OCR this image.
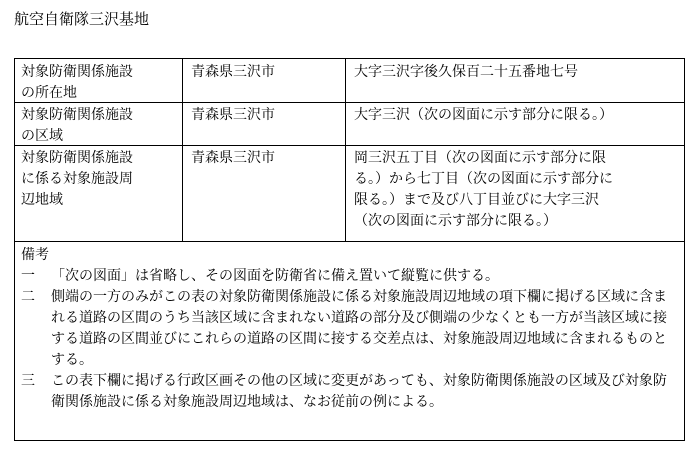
航空自衛隊三沢基地
対象防衛関係施設
の所在地
青森県三沢市	大字三沢字後久保百二十五番地七号
対象防衛関係施設
の区域
青森県三沢市	大字三沢（次の図面に示す部分に限る。）
対象防衛関係施設
に係る対象施設周
辺地域
青森県三沢市	岡三沢五丁目（次の図面に示す部分に限
る。）から七丁目（次の図面に示す部分に
限る。）まで及び八丁目並びに大字三沢
（次の図面に示す部分に限る。）
備考
一	「次の図面」は省略し、その図面を防衛省に備え置いて縦覧に供する。
二	側端の一方のみがこの表の対象防衛関係施設に係る対象施設周辺地域の項下欄に掲げる区域に含まれる道路の区間のうち当該区域に含まれない道路の部分及び側端の少なくとも一方が当該区域に接する道路の区間並びにこれらの道路の区間に接する交差点は、対象施設周辺地域に含まれるものとする。
三	この表下欄に掲げる行政区画その他の区域に変更があっても、対象防衛関係施設の区域及び対象防衛関係施設に係る対象施設周辺地域は、なお従前の例による。
